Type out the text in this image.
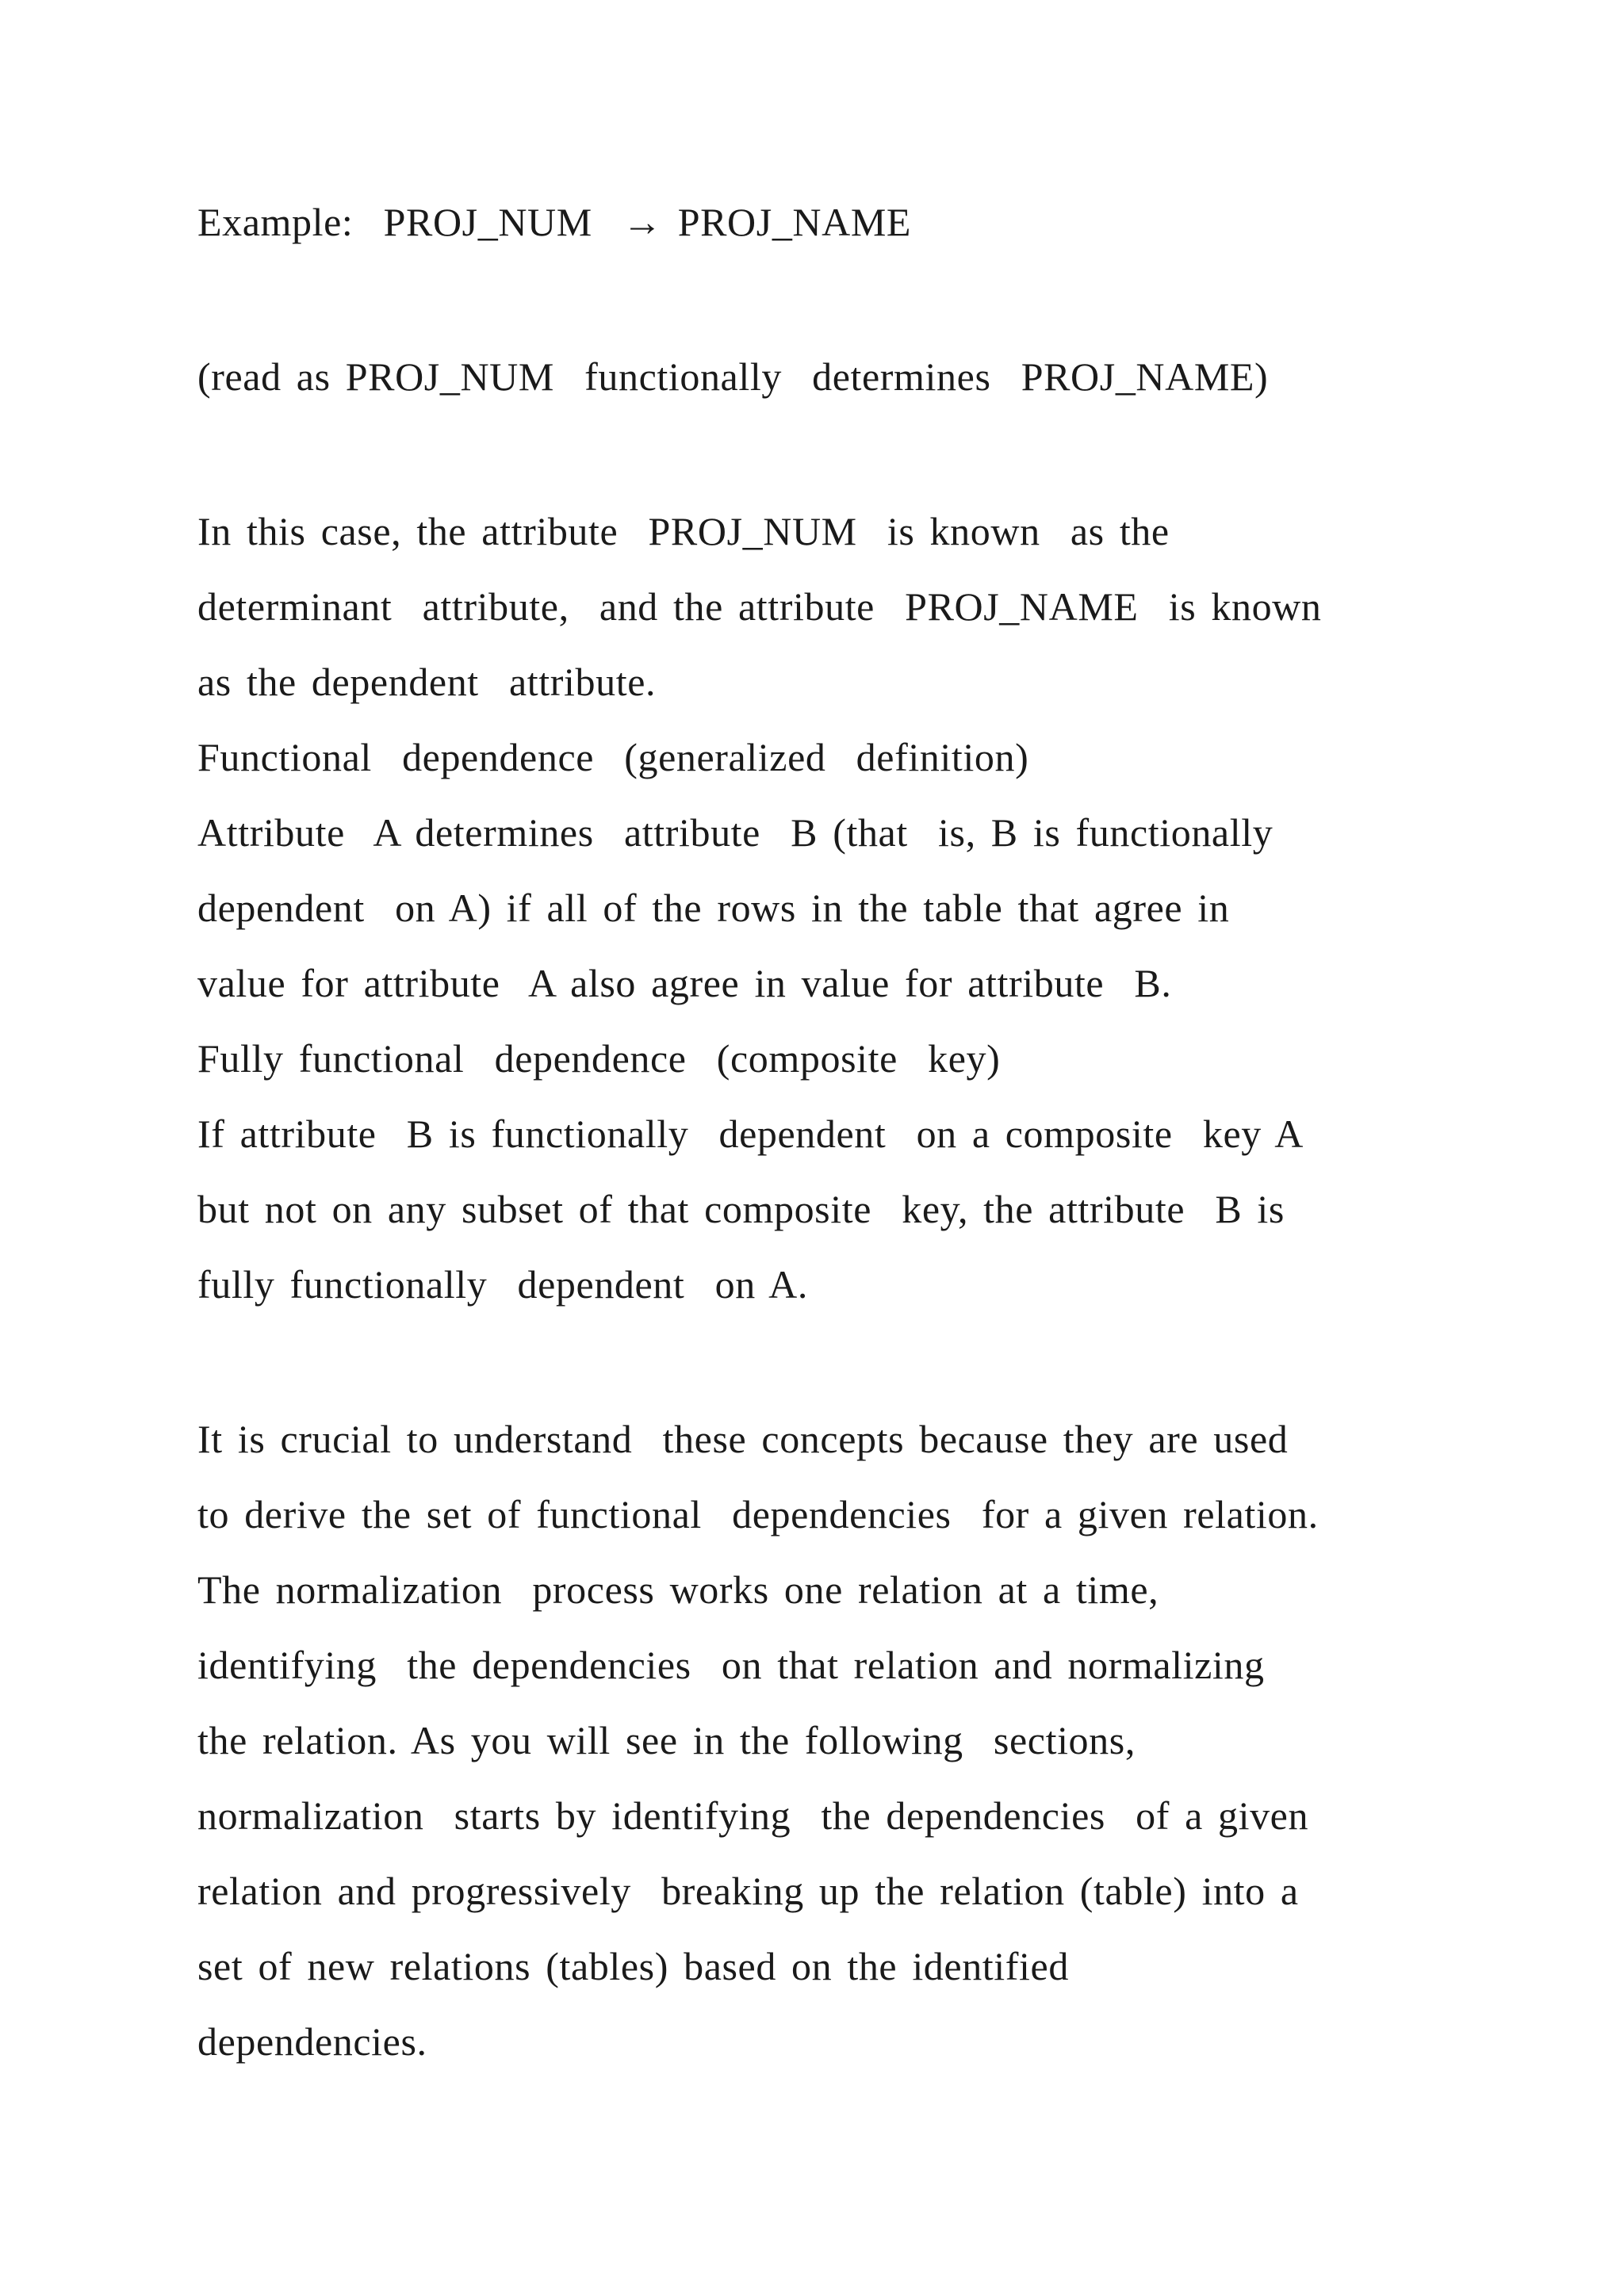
Example:  PROJ_NUM  → PROJ_NAME

(read as PROJ_NUM  functionally  determines  PROJ_NAME)

In this case, the attribute  PROJ_NUM  is known  as the

determinant  attribute,  and the attribute  PROJ_NAME  is known

as the dependent  attribute.

Functional  dependence  (generalized  definition)

Attribute  A determines  attribute  B (that  is, B is functionally

dependent  on A) if all of the rows in the table that agree in

value for attribute  A also agree in value for attribute  B.

Fully functional  dependence  (composite  key)

If attribute  B is functionally  dependent  on a composite  key A

but not on any subset of that composite  key, the attribute  B is

fully functionally  dependent  on A.

It is crucial to understand  these concepts because they are used

to derive the set of functional  dependencies  for a given relation.

The normalization  process works one relation at a time,

identifying  the dependencies  on that relation and normalizing

the relation. As you will see in the following  sections,

normalization  starts by identifying  the dependencies  of a given

relation and progressively  breaking up the relation (table) into a

set of new relations (tables) based on the identified

dependencies.
